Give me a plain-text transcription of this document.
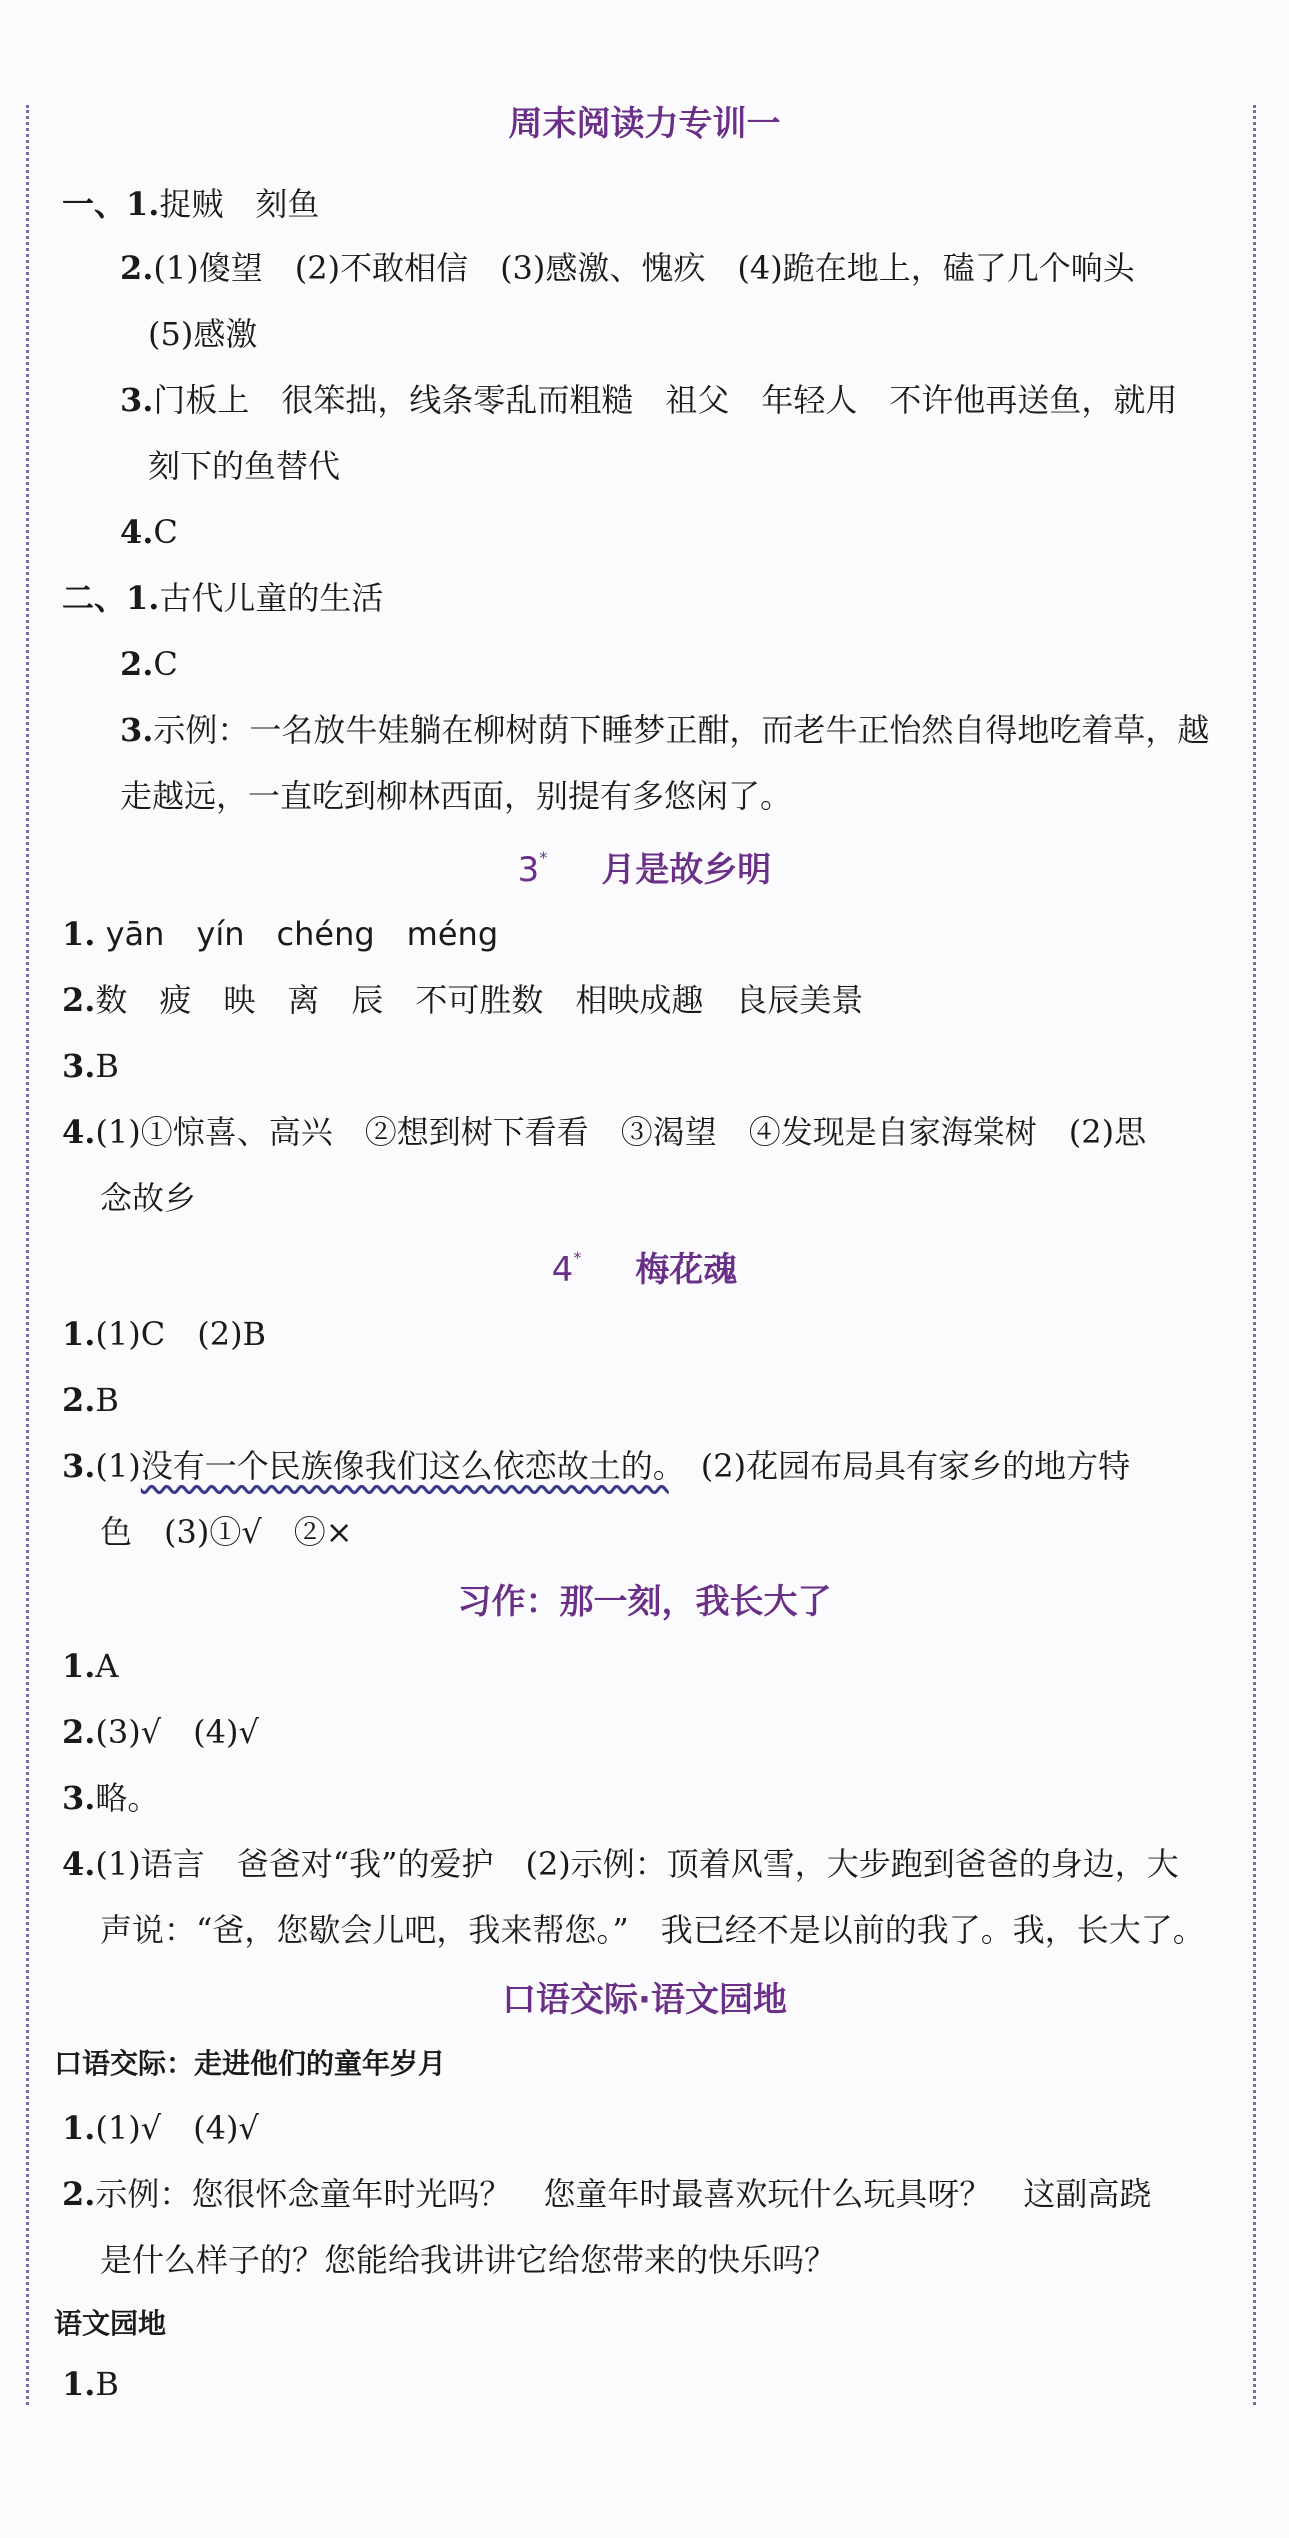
周末阅读力专训一
一、1.捉贼　刻鱼
2.(1)傻望　(2)不敢相信　(3)感激、愧疚　(4)跪在地上，磕了几个响头
(5)感激
3.门板上　很笨拙，线条零乱而粗糙　祖父　年轻人　不许他再送鱼，就用
刻下的鱼替代
4.C
二、1.古代儿童的生活
2.C
3.示例：一名放牛娃躺在柳树荫下睡梦正酣，而老牛正怡然自得地吃着草，越
走越远，一直吃到柳林西面，别提有多悠闲了。
3* 月是故乡明
1. yān　yín　chéng　méng
2.数　疲　映　离　辰　不可胜数　相映成趣　良辰美景
3.B
4.(1)①惊喜、高兴　②想到树下看看　③渴望　④发现是自家海棠树　(2)思
念故乡
4* 梅花魂
1.(1)C　(2)B
2.B
3.(1)没有一个民族像我们这么依恋故土的。　(2)花园布局具有家乡的地方特
色　(3)①√　②×
习作：那一刻，我长大了
1.A
2.(3)√　(4)√
3.略。
4.(1)语言　爸爸对“我”的爱护　(2)示例：顶着风雪，大步跑到爸爸的身边，大
声说：“爸，您歇会儿吧，我来帮您。”　我已经不是以前的我了。我，长大了。
口语交际·语文园地
口语交际：走进他们的童年岁月
1.(1)√　(4)√
2.示例：您很怀念童年时光吗？　您童年时最喜欢玩什么玩具呀？　这副高跷
是什么样子的？您能给我讲讲它给您带来的快乐吗？
语文园地
1.B
